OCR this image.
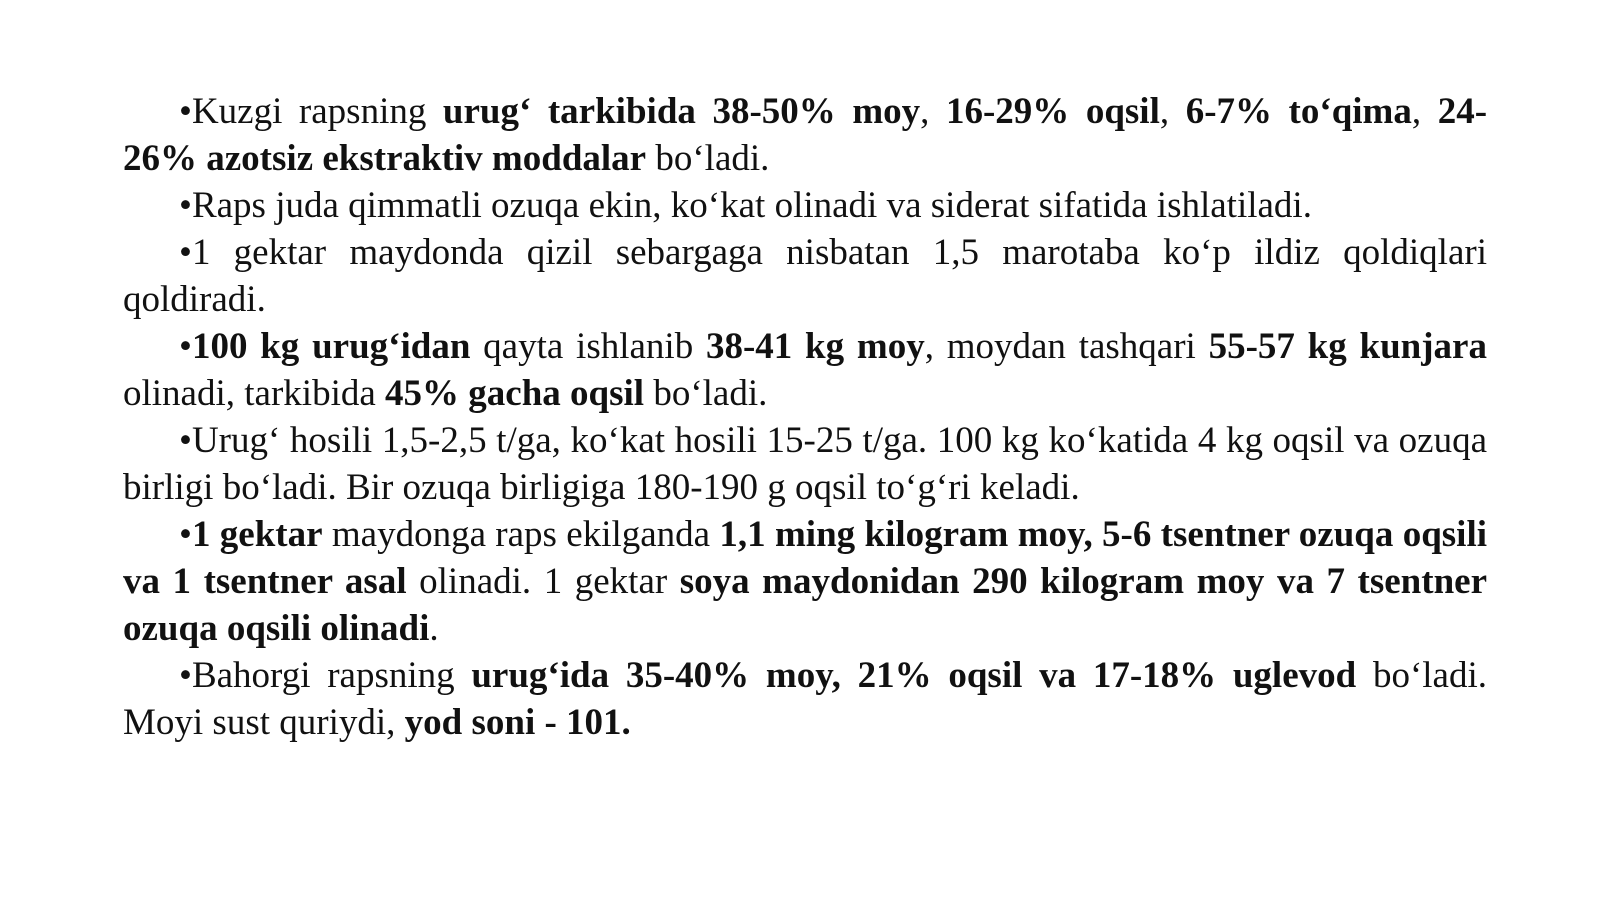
•Kuzgi rapsning urug‘ tarkibida 38-50% moy, 16-29% oqsil, 6-7% to‘qima, 24-26% azotsiz ekstraktiv moddalar bo‘ladi.

•Raps juda qimmatli ozuqa ekin, ko‘kat olinadi va siderat sifatida ishlatiladi.

•1 gektar maydonda qizil sebargaga nisbatan 1,5 marotaba ko‘p ildiz qoldiqlari qoldiradi.

•100 kg urug‘idan qayta ishlanib 38-41 kg moy, moydan tashqari 55-57 kg kunjara olinadi, tarkibida 45% gacha oqsil bo‘ladi.

•Urug‘ hosili 1,5-2,5 t/ga, ko‘kat hosili 15-25 t/ga. 100 kg ko‘katida 4 kg oqsil va ozuqa birligi bo‘ladi. Bir ozuqa birligiga 180-190 g oqsil to‘g‘ri keladi.

•1 gektar maydonga raps ekilganda 1,1 ming kilogram moy, 5-6 tsentner ozuqa oqsili va 1 tsentner asal olinadi. 1 gektar soya maydonidan 290 kilogram moy va 7 tsentner ozuqa oqsili olinadi.

•Bahorgi rapsning urug‘ida 35-40% moy, 21% oqsil va 17-18% uglevod bo‘ladi. Moyi sust quriydi, yod soni - 101.
